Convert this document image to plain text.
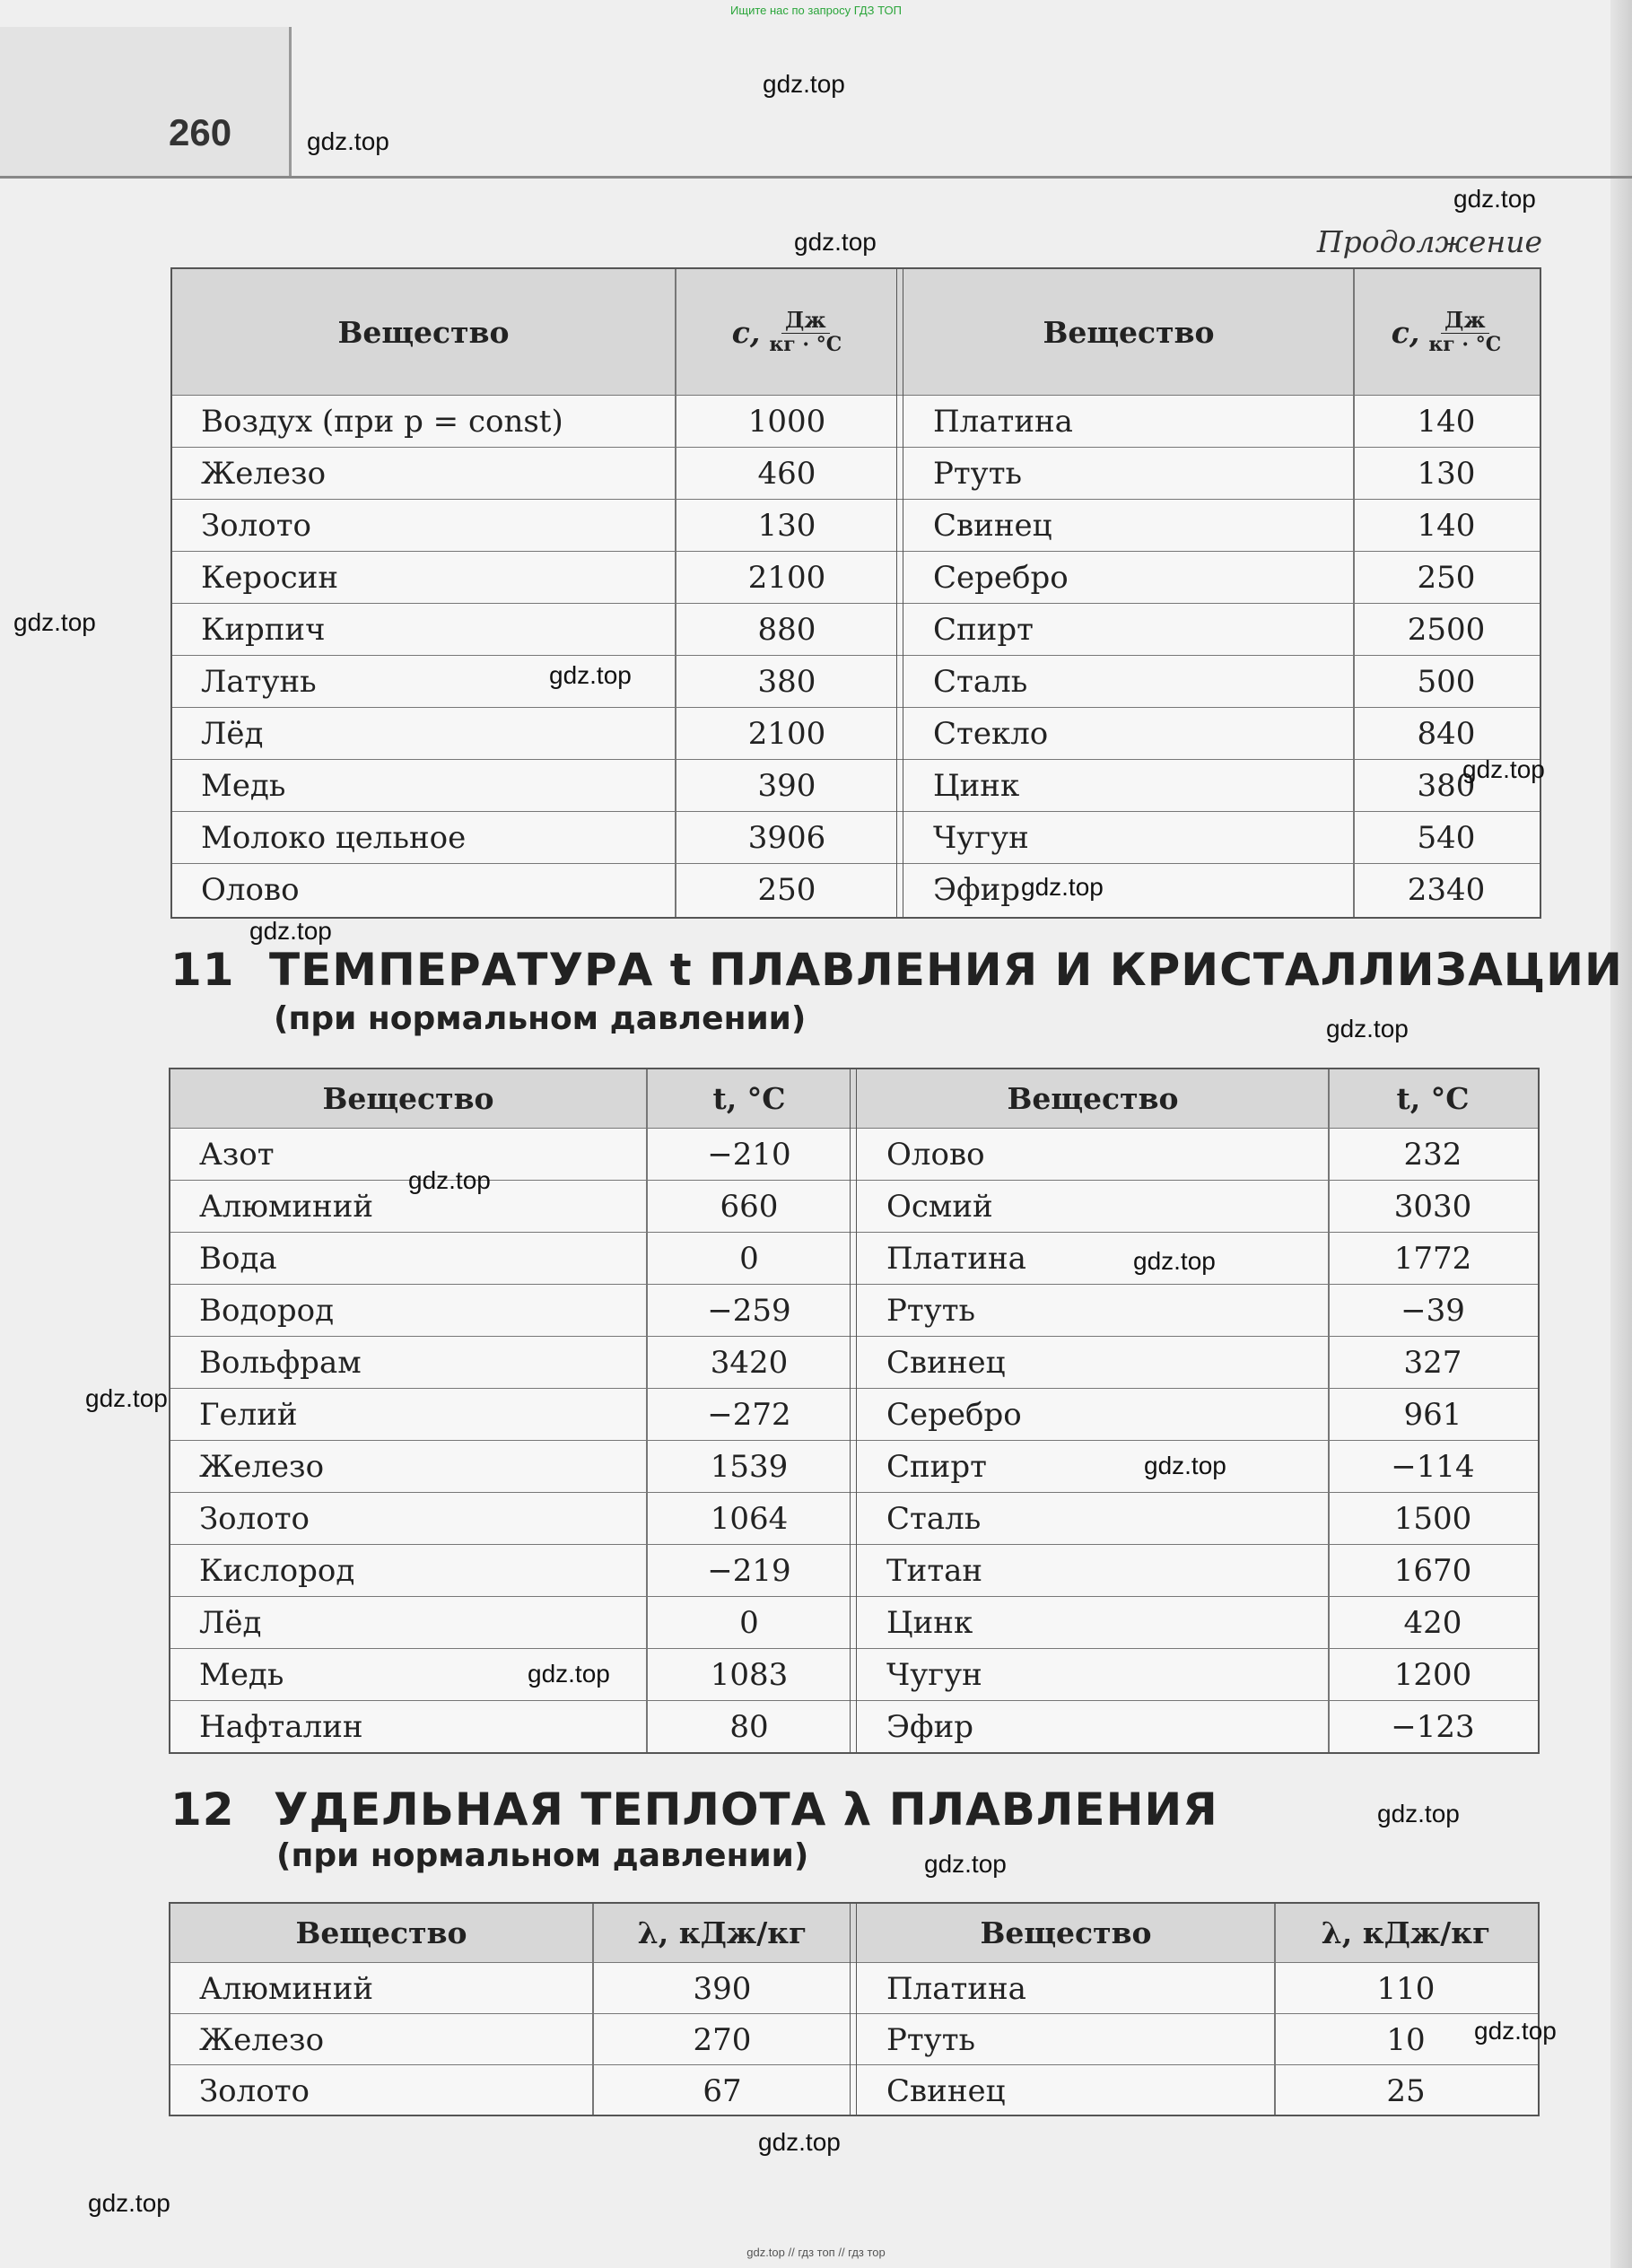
Ищите нас по запросу ГДЗ ТОП
260
Продолжение
Вещество	c, $\frac{Дж}{кг \cdot ^\circ C}$	Вещество	c, $\frac{Дж}{кг \cdot ^\circ C}$
Воздух (при p = const)	1000	Платина	140
Железо	460	Ртуть	130
Золото	130	Свинец	140
Керосин	2100	Серебро	250
Кирпич	880	Спирт	2500
Латунь	380	Сталь	500
Лёд	2100	Стекло	840
Медь	390	Цинк	380
Молоко цельное	3906	Чугун	540
Олово	250	Эфир	2340
11 ТЕМПЕРАТУРА t ПЛАВЛЕНИЯ И КРИСТАЛЛИЗАЦИИ
(при нормальном давлении)
Вещество	t, °C	Вещество	t, °C
Азот	−210	Олово	232
Алюминий	660	Осмий	3030
Вода	0	Платина	1772
Водород	−259	Ртуть	−39
Вольфрам	3420	Свинец	327
Гелий	−272	Серебро	961
Железо	1539	Спирт	−114
Золото	1064	Сталь	1500
Кислород	−219	Титан	1670
Лёд	0	Цинк	420
Медь	1083	Чугун	1200
Нафталин	80	Эфир	−123
12 УДЕЛЬНАЯ ТЕПЛОТА λ ПЛАВЛЕНИЯ
(при нормальном давлении)
Вещество	λ, кДж/кг	Вещество	λ, кДж/кг
Алюминий	390	Платина	110
Железо	270	Ртуть	10
Золото	67	Свинец	25
gdz.top
gdz.top
gdz.top
gdz.top
gdz.top
gdz.top
gdz.top
gdz.top
gdz.top
gdz.top
gdz.top
gdz.top
gdz.top
gdz.top
gdz.top
gdz.top
gdz.top
gdz.top
gdz.top
gdz.top
gdz.top // гдз топ // гдз тор
